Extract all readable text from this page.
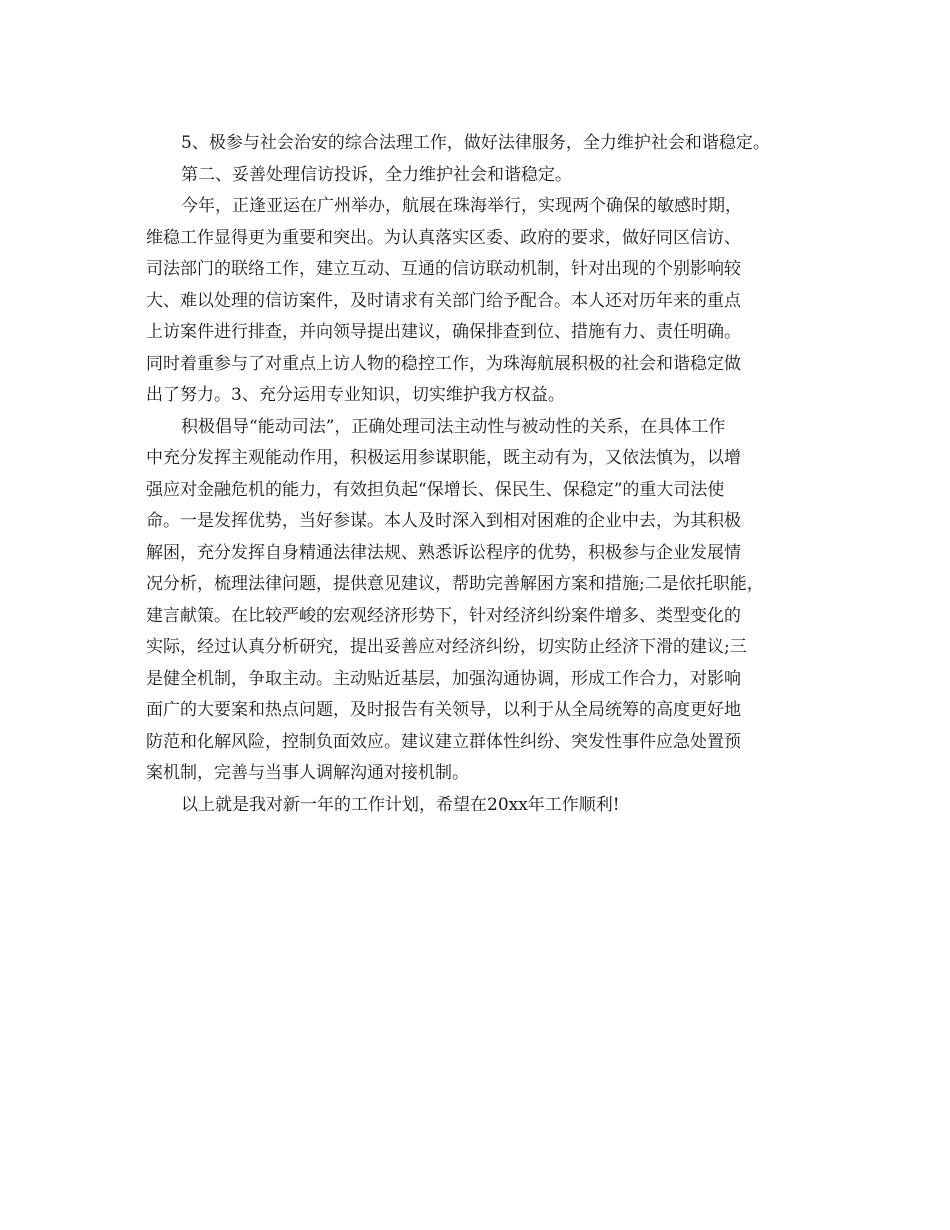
5、极参与社会治安的综合法理工作，做好法律服务，全力维护社会和谐稳定。
第二、妥善处理信访投诉，全力维护社会和谐稳定。
今年，正逢亚运在广州举办，航展在珠海举行，实现两个确保的敏感时期，
维稳工作显得更为重要和突出。为认真落实区委、政府的要求，做好同区信访、
司法部门的联络工作，建立互动、互通的信访联动机制，针对出现的个别影响较
大、难以处理的信访案件，及时请求有关部门给予配合。本人还对历年来的重点
上访案件进行排查，并向领导提出建议，确保排查到位、措施有力、责任明确。
同时着重参与了对重点上访人物的稳控工作，为珠海航展积极的社会和谐稳定做
出了努力。3、充分运用专业知识，切实维护我方权益。
积极倡导“能动司法”，正确处理司法主动性与被动性的关系，在具体工作
中充分发挥主观能动作用，积极运用参谋职能，既主动有为，又依法慎为，以增
强应对金融危机的能力，有效担负起“保增长、保民生、保稳定”的重大司法使
命。一是发挥优势，当好参谋。本人及时深入到相对困难的企业中去，为其积极
解困，充分发挥自身精通法律法规、熟悉诉讼程序的优势，积极参与企业发展情
况分析，梳理法律问题，提供意见建议，帮助完善解困方案和措施;二是依托职能，
建言献策。在比较严峻的宏观经济形势下，针对经济纠纷案件增多、类型变化的
实际，经过认真分析研究，提出妥善应对经济纠纷，切实防止经济下滑的建议;三
是健全机制，争取主动。主动贴近基层，加强沟通协调，形成工作合力，对影响
面广的大要案和热点问题，及时报告有关领导，以利于从全局统筹的高度更好地
防范和化解风险，控制负面效应。建议建立群体性纠纷、突发性事件应急处置预
案机制，完善与当事人调解沟通对接机制。
以上就是我对新一年的工作计划，希望在20xx年工作顺利!
